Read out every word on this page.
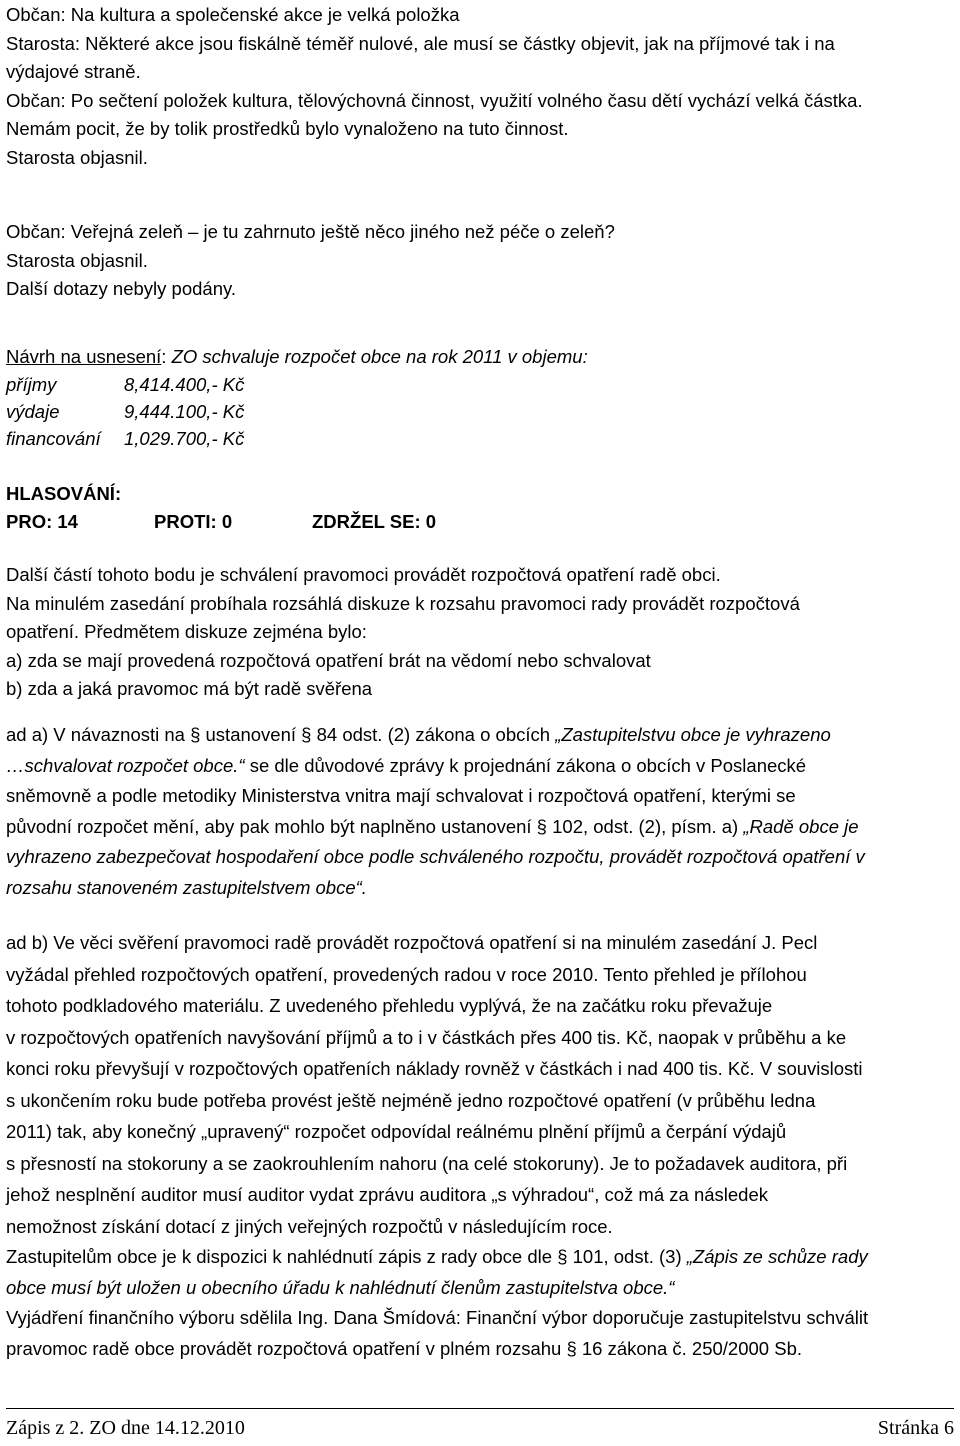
Občan: Na kultura a společenské akce je velká položka

Starosta: Některé akce jsou fiskálně téměř nulové, ale musí se částky objevit, jak na příjmové tak i na

výdajové straně.

Občan: Po sečtení položek kultura, tělovýchovná činnost, využití volného času dětí vychází velká částka.

Nemám pocit, že by tolik prostředků bylo vynaloženo na tuto činnost.

Starosta objasnil.

Občan: Veřejná zeleň – je tu zahrnuto ještě něco jiného než péče o zeleň?

Starosta objasnil.

Další dotazy nebyly podány.

Návrh na usnesení: ZO schvaluje rozpočet obce na rok 2011 v objemu:

příjmy	8,414.400,- Kč
výdaje	9,444.100,- Kč
financování	1,029.700,- Kč

HLASOVÁNÍ:

PRO: 14	PROTI: 0	ZDRŽEL SE: 0

Další částí tohoto bodu je schválení pravomoci provádět rozpočtová opatření radě obci.

Na minulém zasedání probíhala rozsáhlá diskuze k rozsahu pravomoci rady provádět rozpočtová

opatření. Předmětem diskuze zejména bylo:

a) zda se mají provedená rozpočtová opatření brát na vědomí nebo schvalovat

b) zda a jaká pravomoc má být radě svěřena

ad a) V návaznosti na § ustanovení § 84 odst. (2) zákona o obcích „Zastupitelstvu obce je vyhrazeno

…schvalovat rozpočet obce.“ se dle důvodové zprávy k projednání zákona o obcích v Poslanecké

sněmovně a podle metodiky Ministerstva vnitra mají schvalovat i rozpočtová opatření, kterými se

původní rozpočet mění, aby pak mohlo být naplněno ustanovení § 102, odst. (2), písm. a) „Radě obce je

vyhrazeno zabezpečovat hospodaření obce podle schváleného rozpočtu, provádět rozpočtová opatření v

rozsahu stanoveném zastupitelstvem obce“.

ad b) Ve věci svěření pravomoci radě provádět rozpočtová opatření si na minulém zasedání J. Pecl

vyžádal přehled rozpočtových opatření, provedených radou v roce 2010. Tento přehled je přílohou

tohoto podkladového materiálu. Z uvedeného přehledu vyplývá, že na začátku roku převažuje

v rozpočtových opatřeních navyšování příjmů a to i v částkách přes 400 tis. Kč, naopak v průběhu a ke

konci roku převyšují v rozpočtových opatřeních náklady rovněž v částkách i nad 400 tis. Kč. V souvislosti

s ukončením roku bude potřeba provést ještě nejméně jedno rozpočtové opatření (v průběhu ledna

2011) tak, aby konečný „upravený“ rozpočet odpovídal reálnému plnění příjmů a čerpání výdajů

s přesností na stokoruny a se zaokrouhlením nahoru (na celé stokoruny). Je to požadavek auditora, při

jehož nesplnění auditor musí auditor vydat zprávu auditora „s výhradou“, což má za následek

nemožnost získání dotací z jiných veřejných rozpočtů v následujícím roce.

Zastupitelům obce je k dispozici k nahlédnutí zápis z rady obce dle § 101, odst. (3) „Zápis ze schůze rady

obce musí být uložen u obecního úřadu k nahlédnutí členům zastupitelstva obce.“

Vyjádření finančního výboru sdělila Ing. Dana Šmídová: Finanční výbor doporučuje zastupitelstvu schválit

pravomoc radě obce provádět rozpočtová opatření v plném rozsahu § 16 zákona č. 250/2000 Sb.

Zápis z 2. ZO dne 14.12.2010	Stránka 6
